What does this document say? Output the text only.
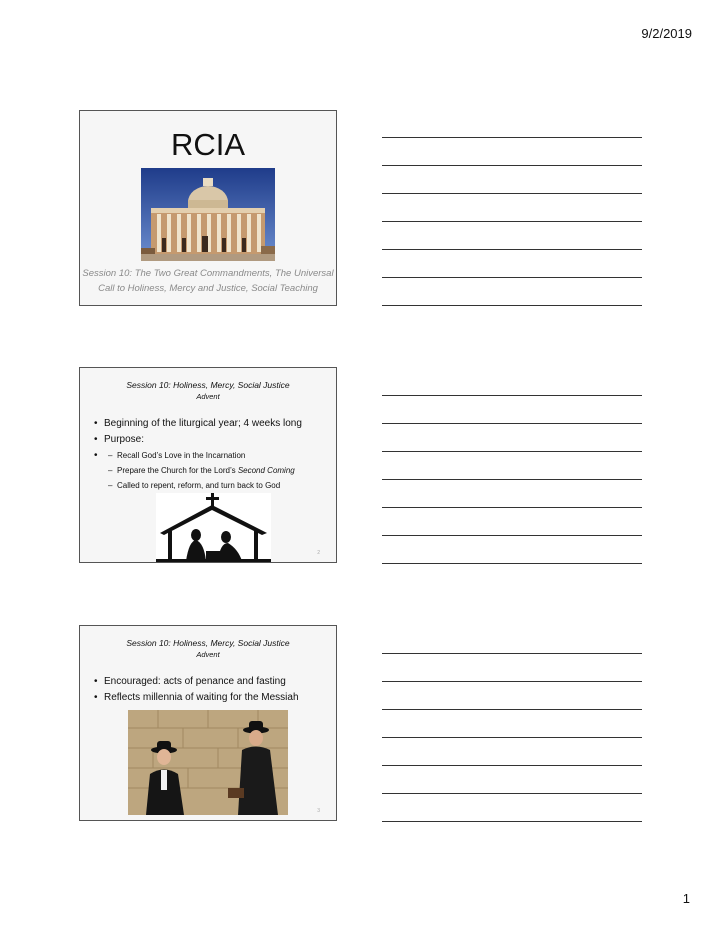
9/2/2019
RCIA
Session 10: The Two Great Commandments, The Universal
Call to Holiness, Mercy and Justice, Social Teaching
Session 10: Holiness, Mercy, Social Justice
Advent
• Beginning of the liturgical year; 4 weeks long
• Purpose:
– • Recall God’s Love in the Incarnation
– Prepare the Church for the Lord’s Second Coming
– Called to repent, reform, and turn back to God
2
Session 10: Holiness, Mercy, Social Justice
Advent
• Encouraged: acts of penance and fasting
• Reflects millennia of waiting for the Messiah
3
1
